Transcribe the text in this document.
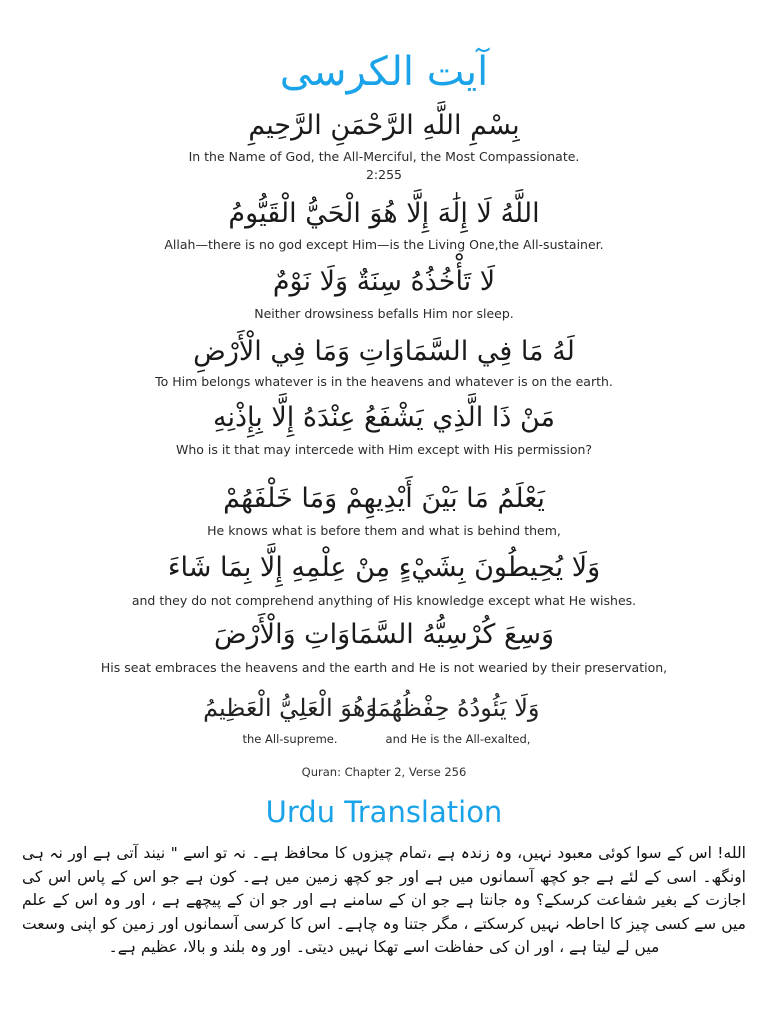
آیت الکرسی
بِسْمِ اللَّهِ الرَّحْمَنِ الرَّحِيمِ
In the Name of God, the All-Merciful, the Most Compassionate.
2:255
اللَّهُ لَا إِلَٰهَ إِلَّا هُوَ الْحَيُّ الْقَيُّومُ
Allah—there is no god except Him—is the Living One,the All-sustainer.
لَا تَأْخُذُهُ سِنَةٌ وَلَا نَوْمٌ
Neither drowsiness befalls Him nor sleep.
لَهُ مَا فِي السَّمَاوَاتِ وَمَا فِي الْأَرْضِ
To Him belongs whatever is in the heavens and whatever is on the earth.
مَنْ ذَا الَّذِي يَشْفَعُ عِنْدَهُ إِلَّا بِإِذْنِهِ
Who is it that may intercede with Him except with His permission?
يَعْلَمُ مَا بَيْنَ أَيْدِيهِمْ وَمَا خَلْفَهُمْ
He knows what is before them and what is behind them,
وَلَا يُحِيطُونَ بِشَيْءٍ مِنْ عِلْمِهِ إِلَّا بِمَا شَاءَ
and they do not comprehend anything of His knowledge except what He wishes.
وَسِعَ كُرْسِيُّهُ السَّمَاوَاتِ وَالْأَرْضَ
His seat embraces the heavens and the earth and He is not wearied by their preservation,
وَهُوَ الْعَلِيُّ الْعَظِيمُ
وَلَا يَئُودُهُ حِفْظُهُمَا
the All-supreme.	and He is the All-exalted,
Quran: Chapter 2, Verse 256
Urdu Translation
الله! اس کے سوا کوئی معبود نہیں، وہ زندہ ہے ،تمام چیزوں کا محافظ ہے۔ نہ تو اسے " نیند آتی ہے اور نہ ہی اونگھ۔ اسی کے لئے ہے جو کچھ آسمانوں میں ہے اور جو کچھ زمین میں ہے۔ کون ہے جو اس کے پاس اس کی اجازت کے بغیر شفاعت کرسکے؟ وہ جانتا ہے جو ان کے سامنے ہے اور جو ان کے پیچھے ہے ، اور وہ اس کے علم میں سے کسی چیز کا احاطہ نہیں کرسکتے ، مگر جتنا وہ چاہے۔ اس کا کرسی آسمانوں اور زمین کو اپنی وسعت میں لے لیتا ہے ، اور ان کی حفاظت اسے تھکا نہیں دیتی۔ اور وہ بلند و بالا، عظیم ہے۔
